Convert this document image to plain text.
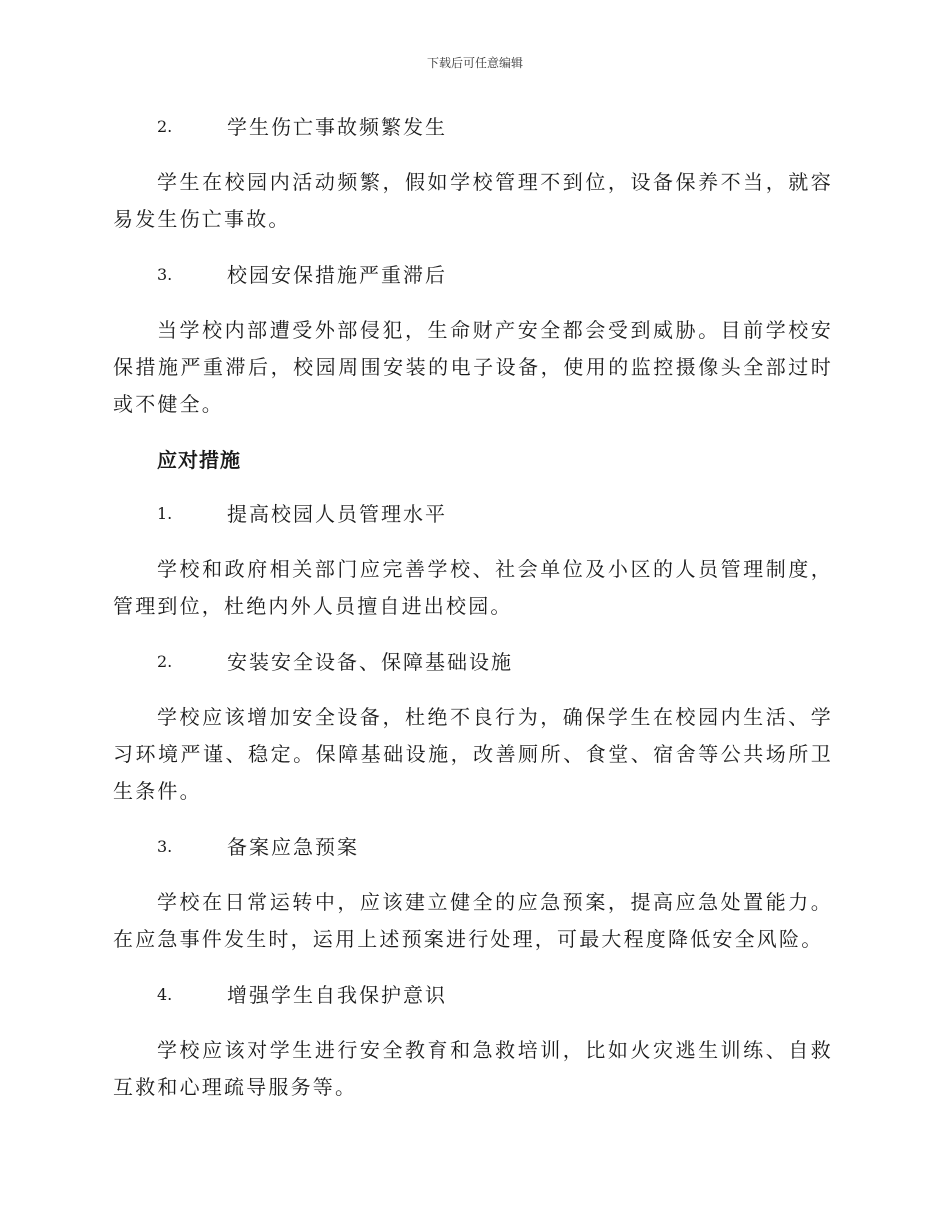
下载后可任意编辑
2.	学生伤亡事故频繁发生

学生在校园内活动频繁，假如学校管理不到位，设备保养不当，就容易发生伤亡事故。

3.	校园安保措施严重滞后

当学校内部遭受外部侵犯，生命财产安全都会受到威胁。目前学校安保措施严重滞后，校园周围安装的电子设备，使用的监控摄像头全部过时或不健全。

应对措施
1.	提高校园人员管理水平

学校和政府相关部门应完善学校、社会单位及小区的人员管理制度，管理到位，杜绝内外人员擅自进出校园。

2.	安装安全设备、保障基础设施

学校应该增加安全设备，杜绝不良行为，确保学生在校园内生活、学习环境严谨、稳定。保障基础设施，改善厕所、食堂、宿舍等公共场所卫生条件。

3.	备案应急预案

学校在日常运转中，应该建立健全的应急预案，提高应急处置能力。在应急事件发生时，运用上述预案进行处理，可最大程度降低安全风险。

4.	增强学生自我保护意识

学校应该对学生进行安全教育和急救培训，比如火灾逃生训练、自救互救和心理疏导服务等。
